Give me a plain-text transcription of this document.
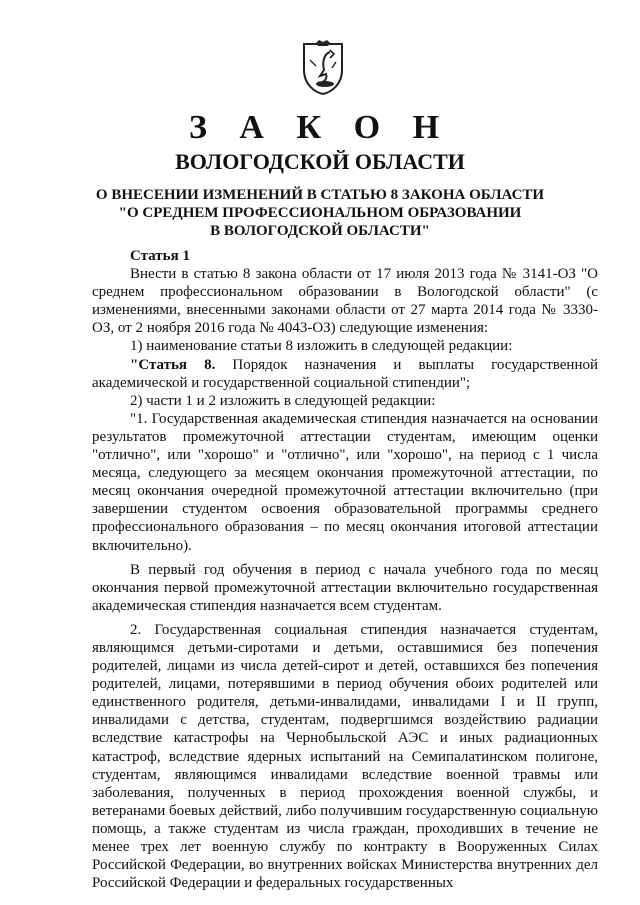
З А К О Н
ВОЛОГОДСКОЙ ОБЛАСТИ
О ВНЕСЕНИИ ИЗМЕНЕНИЙ В СТАТЬЮ 8 ЗАКОНА ОБЛАСТИ
"О СРЕДНЕМ ПРОФЕССИОНАЛЬНОМ ОБРАЗОВАНИИ
В ВОЛОГОДСКОЙ ОБЛАСТИ"

Статья 1

Внести в статью 8 закона области от 17 июля 2013 года № 3141-ОЗ "О среднем профессиональном образовании в Вологодской области" (с изменениями, внесенными законами области от 27 марта 2014 года № 3330-ОЗ, от 2 ноября 2016 года № 4043-ОЗ) следующие изменения:

1) наименование статьи 8 изложить в следующей редакции:

"Статья 8. Порядок назначения и выплаты государственной академической и государственной социальной стипендии";

2) части 1 и 2 изложить в следующей редакции:

"1. Государственная академическая стипендия назначается на основании результатов промежуточной аттестации студентам, имеющим оценки "отлично", или "хорошо" и "отлично", или "хорошо", на период с 1 числа месяца, следующего за месяцем окончания промежуточной аттестации, по месяц окончания очередной промежуточной аттестации включительно (при завершении студентом освоения образовательной программы среднего профессионального образования – по месяц окончания итоговой аттестации включительно).

В первый год обучения в период с начала учебного года по месяц окончания первой промежуточной аттестации включительно государственная академическая стипендия назначается всем студентам.

2. Государственная социальная стипендия назначается студентам, являющимся детьми-сиротами и детьми, оставшимися без попечения родителей, лицами из числа детей-сирот и детей, оставшихся без попечения родителей, лицами, потерявшими в период обучения обоих родителей или единственного родителя, детьми-инвалидами, инвалидами I и II групп, инвалидами с детства, студентам, подвергшимся воздействию радиации вследствие катастрофы на Чернобыльской АЭС и иных радиационных катастроф, вследствие ядерных испытаний на Семипалатинском полигоне, студентам, являющимся инвалидами вследствие военной травмы или заболевания, полученных в период прохождения военной службы, и ветеранами боевых действий, либо получившим государственную социальную помощь, а также студентам из числа граждан, проходивших в течение не менее трех лет военную службу по контракту в Вооруженных Силах Российской Федерации, во внутренних войсках Министерства внутренних дел Российской Федерации и федеральных государственных
